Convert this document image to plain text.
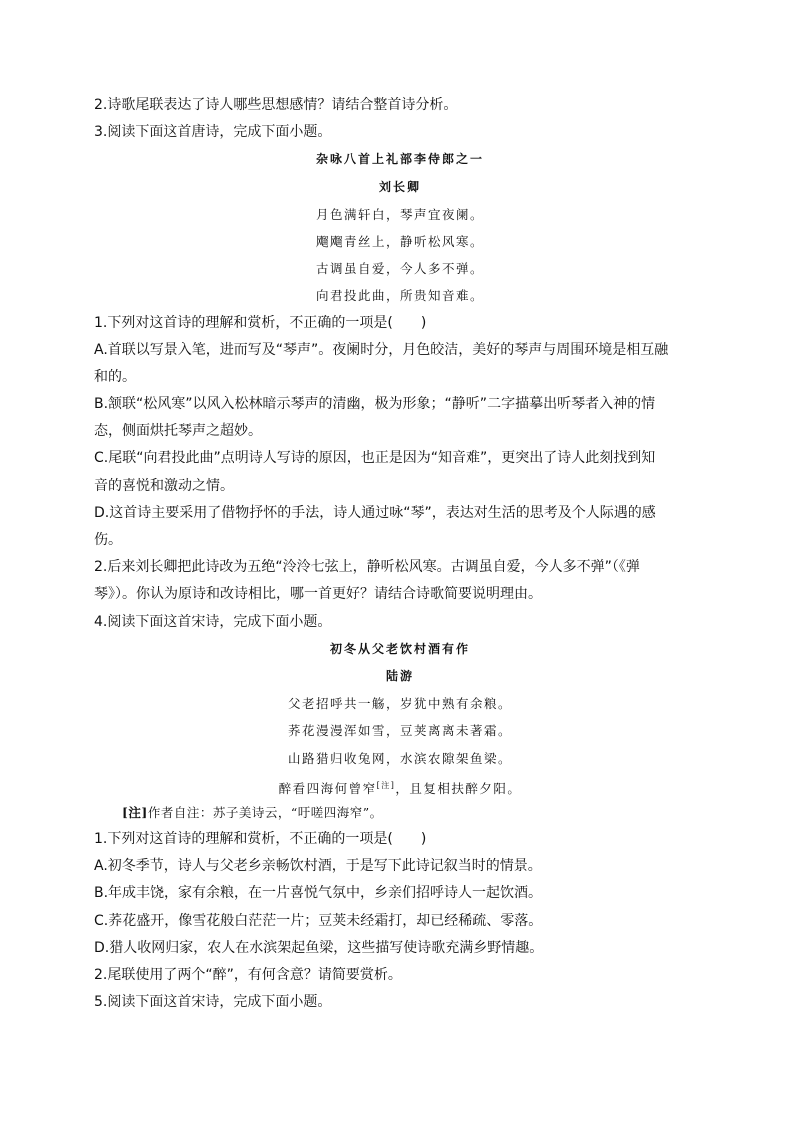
2.诗歌尾联表达了诗人哪些思想感情？请结合整首诗分析。

3.阅读下面这首唐诗，完成下面小题。

杂咏八首上礼部李侍郎之一

刘长卿

月色满轩白，琴声宜夜阑。

飗飗青丝上，静听松风寒。

古调虽自爱，今人多不弹。

向君投此曲，所贵知音难。

1.下列对这首诗的理解和赏析，不正确的一项是(　　)

A.首联以写景入笔，进而写及“琴声”。夜阑时分，月色皎洁，美好的琴声与周围环境是相互融

和的。

B.颔联“松风寒”以风入松林暗示琴声的清幽，极为形象；“静听”二字描摹出听琴者入神的情

态，侧面烘托琴声之超妙。

C.尾联“向君投此曲”点明诗人写诗的原因，也正是因为“知音难”，更突出了诗人此刻找到知

音的喜悦和激动之情。

D.这首诗主要采用了借物抒怀的手法，诗人通过咏“琴”，表达对生活的思考及个人际遇的感

伤。

2.后来刘长卿把此诗改为五绝“泠泠七弦上，静听松风寒。古调虽自爱，今人多不弹”（《弹

琴》）。你认为原诗和改诗相比，哪一首更好？请结合诗歌简要说明理由。

4.阅读下面这首宋诗，完成下面小题。

初冬从父老饮村酒有作

陆游

父老招呼共一觞，岁犹中熟有余粮。

荞花漫漫浑如雪，豆荚离离未著霜。

山路猎归收兔网，水滨农隙架鱼梁。

醉看四海何曾窄[注]，且复相扶醉夕阳。

[注]作者自注：苏子美诗云，“吁嗟四海窄”。

1.下列对这首诗的理解和赏析，不正确的一项是(　　)

A.初冬季节，诗人与父老乡亲畅饮村酒，于是写下此诗记叙当时的情景。

B.年成丰饶，家有余粮，在一片喜悦气氛中，乡亲们招呼诗人一起饮酒。

C.荞花盛开，像雪花般白茫茫一片；豆荚未经霜打，却已经稀疏、零落。

D.猎人收网归家，农人在水滨架起鱼梁，这些描写使诗歌充满乡野情趣。

2.尾联使用了两个“醉”，有何含意？请简要赏析。

5.阅读下面这首宋诗，完成下面小题。
